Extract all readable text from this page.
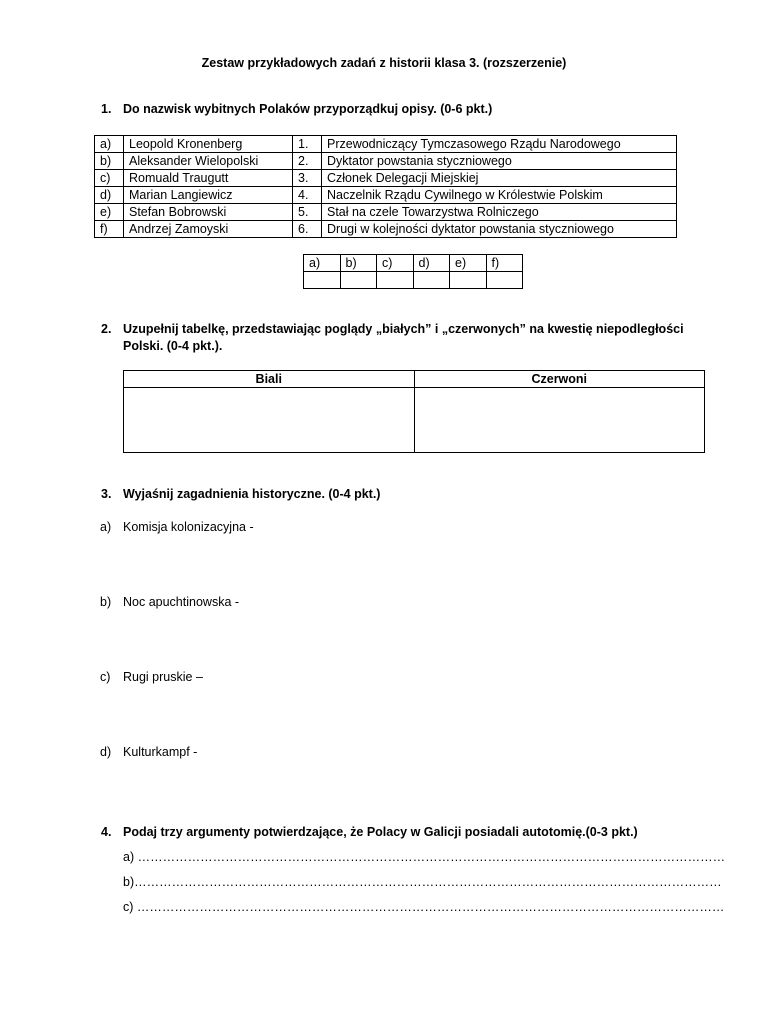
Zestaw przykładowych zadań z historii klasa 3. (rozszerzenie)
1. Do nazwisk wybitnych Polaków przyporządkuj opisy. (0-6 pkt.)
a)	Leopold Kronenberg	1.	Przewodniczący Tymczasowego Rządu Narodowego
b)	Aleksander Wielopolski	2.	Dyktator powstania styczniowego
c)	Romuald Traugutt	3.	Członek Delegacji Miejskiej
d)	Marian Langiewicz	4.	Naczelnik Rządu Cywilnego w Królestwie Polskim
e)	Stefan Bobrowski	5.	Stał na czele Towarzystwa Rolniczego
f)	Andrzej Zamoyski	6.	Drugi w kolejności dyktator powstania styczniowego
a)	b)	c)	d)	e)	f)

2. Uzupełnij tabelkę, przedstawiając poglądy „białych” i „czerwonych” na kwestię niepodległości
Polski. (0-4 pkt.).
Biali	Czerwoni

3. Wyjaśnij zagadnienia historyczne. (0-4 pkt.)
a) Komisja kolonizacyjna -
b) Noc apuchtinowska -
c) Rugi pruskie –
d) Kulturkampf -
4. Podaj trzy argumenty potwierdzające, że Polacy w Galicji posiadali autotomię.(0-3 pkt.)
a) ……………………………………………………………………………………………………………………………
b)……………………………………………………………………………………………………………………………
c) ……………………………………………………………………………………………………………………………
